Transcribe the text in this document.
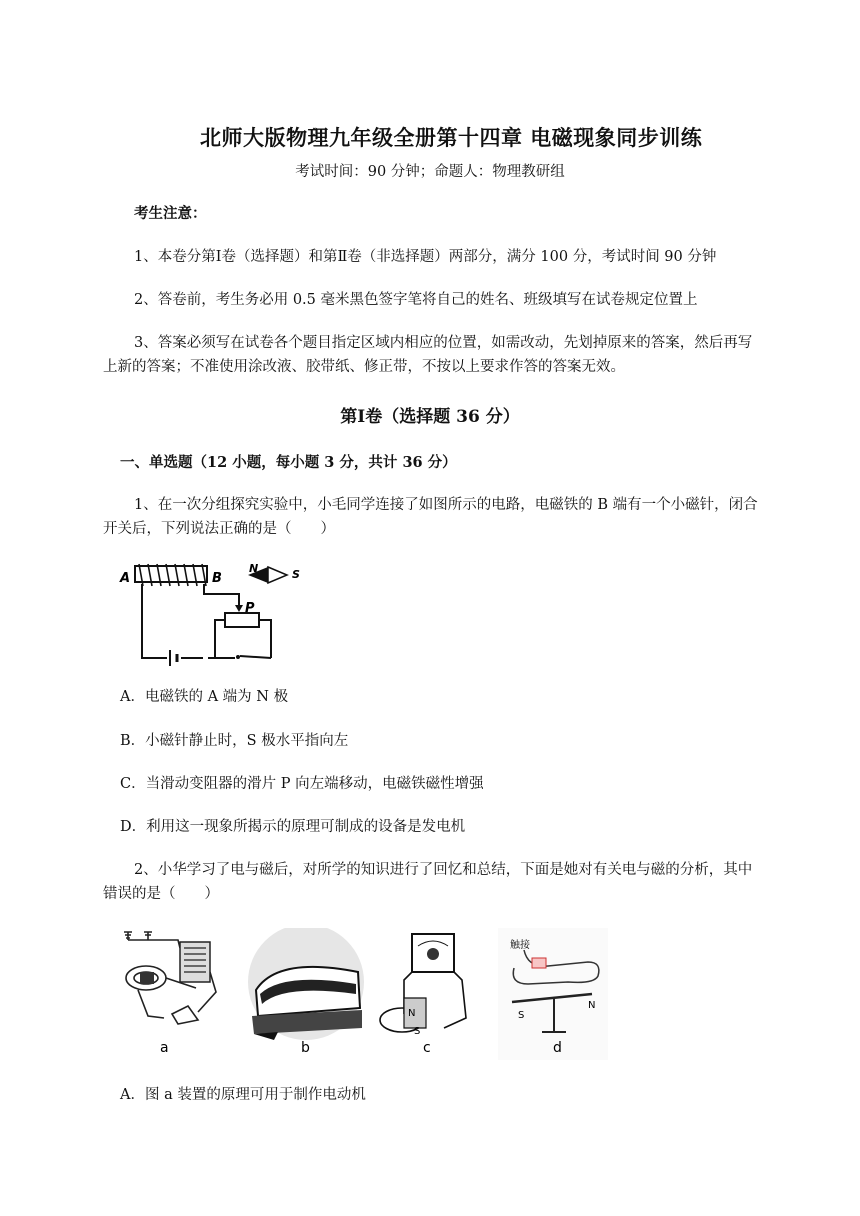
北师大版物理九年级全册第十四章 电磁现象同步训练
考试时间：90 分钟；命题人：物理教研组
考生注意：
1、本卷分第Ⅰ卷（选择题）和第Ⅱ卷（非选择题）两部分，满分 100 分，考试时间 90 分钟
2、答卷前，考生务必用 0.5 毫米黑色签字笔将自己的姓名、班级填写在试卷规定位置上
3、答案必须写在试卷各个题目指定区域内相应的位置，如需改动，先划掉原来的答案，然后再写
上新的答案；不准使用涂改液、胶带纸、修正带，不按以上要求作答的答案无效。
第Ⅰ卷（选择题 36 分）
一、单选题（12 小题，每小题 3 分，共计 36 分）
1、在一次分组探究实验中，小毛同学连接了如图所示的电路，电磁铁的 B 端有一个小磁针，闭合
开关后，下列说法正确的是（　　）
A	B
N	S
P
A．电磁铁的 A 端为 N 极
B．小磁针静止时，S 极水平指向左
C．当滑动变阻器的滑片 P 向左端移动，电磁铁磁性增强
D．利用这一现象所揭示的原理可制成的设备是发电机
2、小华学习了电与磁后，对所学的知识进行了回忆和总结，下面是她对有关电与磁的分析，其中
错误的是（　　）
a	b
N
S
c
触接
S
N
d
A．图 a 装置的原理可用于制作电动机
